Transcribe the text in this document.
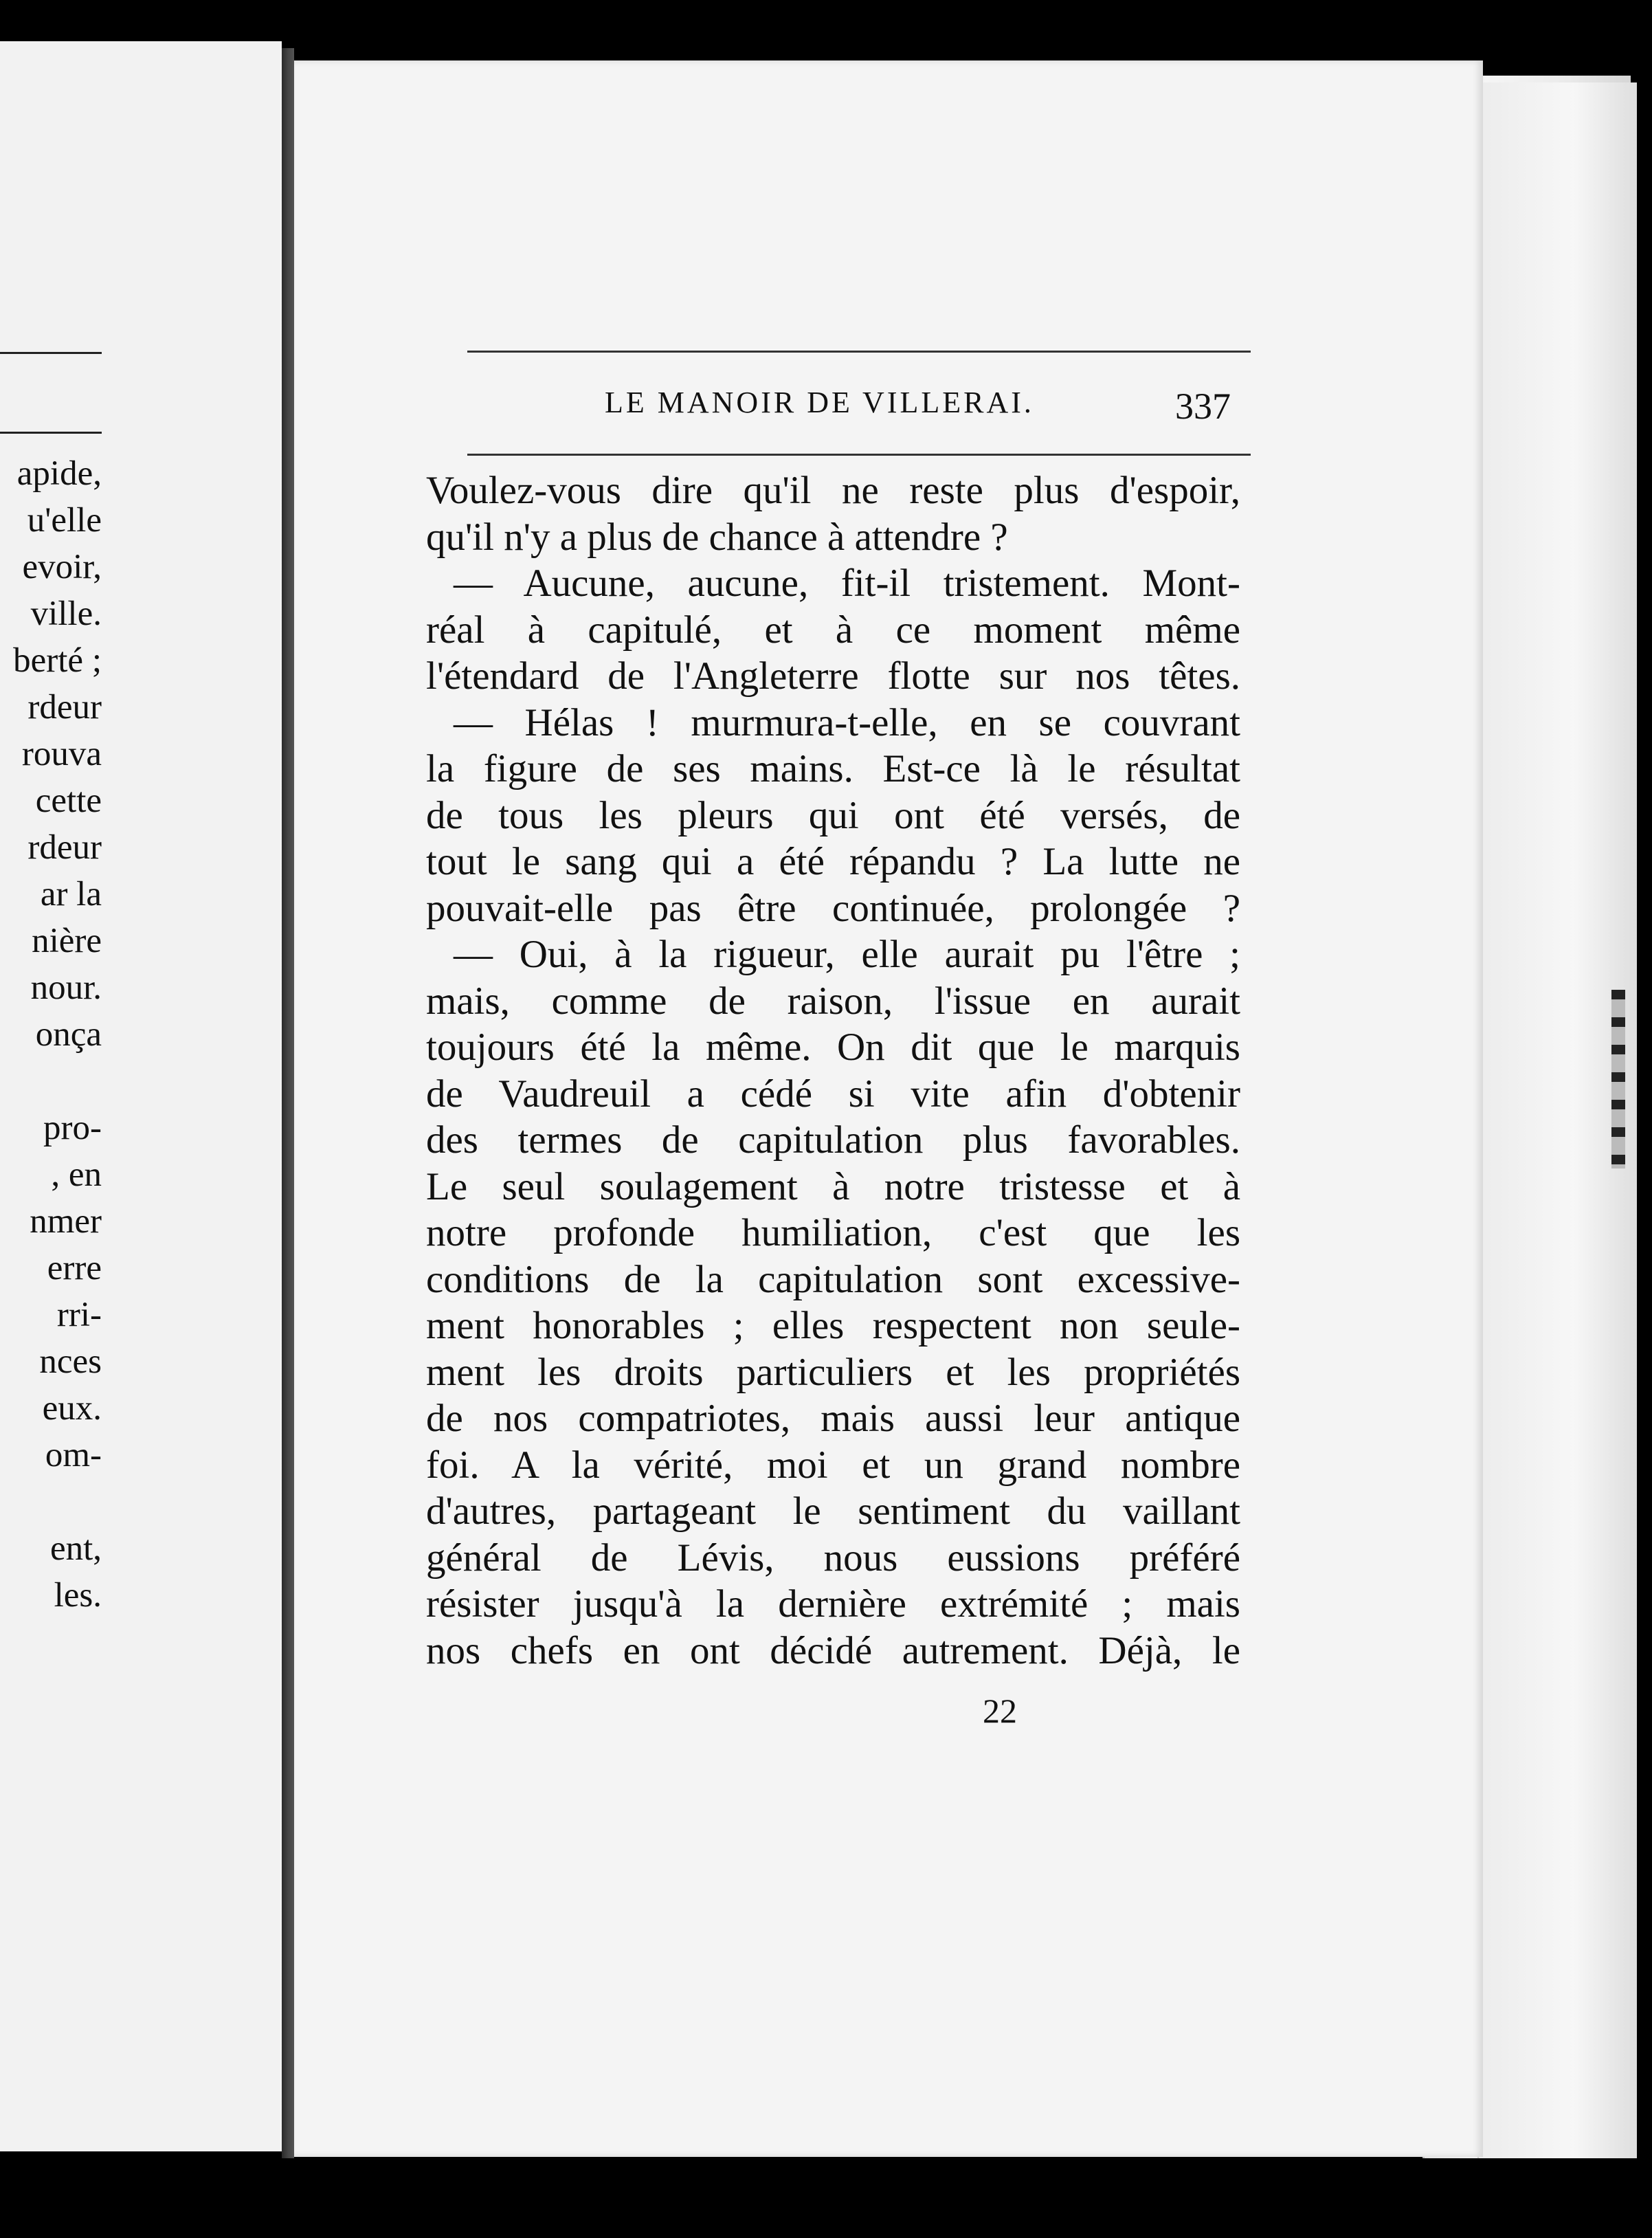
apide,
u'elle
evoir,
ville.
berté ;
rdeur
rouva
cette
rdeur
ar la
nière
nour.
onça
pro-
, en
nmer
erre
rri-
nces
eux.
om-
ent,
les.
LE MANOIR DE VILLERAI.	337
Voulez-vous dire qu'il ne reste plus d'espoir,
qu'il n'y a plus de chance à attendre ?
— Aucune, aucune, fit-il tristement. Mont-
réal à capitulé, et à ce moment même
l'étendard de l'Angleterre flotte sur nos têtes.
— Hélas ! murmura-t-elle, en se couvrant
la figure de ses mains. Est-ce là le résultat
de tous les pleurs qui ont été versés, de
tout le sang qui a été répandu ? La lutte ne
pouvait-elle pas être continuée, prolongée ?
— Oui, à la rigueur, elle aurait pu l'être ;
mais, comme de raison, l'issue en aurait
toujours été la même. On dit que le marquis
de Vaudreuil a cédé si vite afin d'obtenir
des termes de capitulation plus favorables.
Le seul soulagement à notre tristesse et à
notre profonde humiliation, c'est que les
conditions de la capitulation sont excessive-
ment honorables ; elles respectent non seule-
ment les droits particuliers et les propriétés
de nos compatriotes, mais aussi leur antique
foi. A la vérité, moi et un grand nombre
d'autres, partageant le sentiment du vaillant
général de Lévis, nous eussions préféré
résister jusqu'à la dernière extrémité ; mais
nos chefs en ont décidé autrement. Déjà, le
22
